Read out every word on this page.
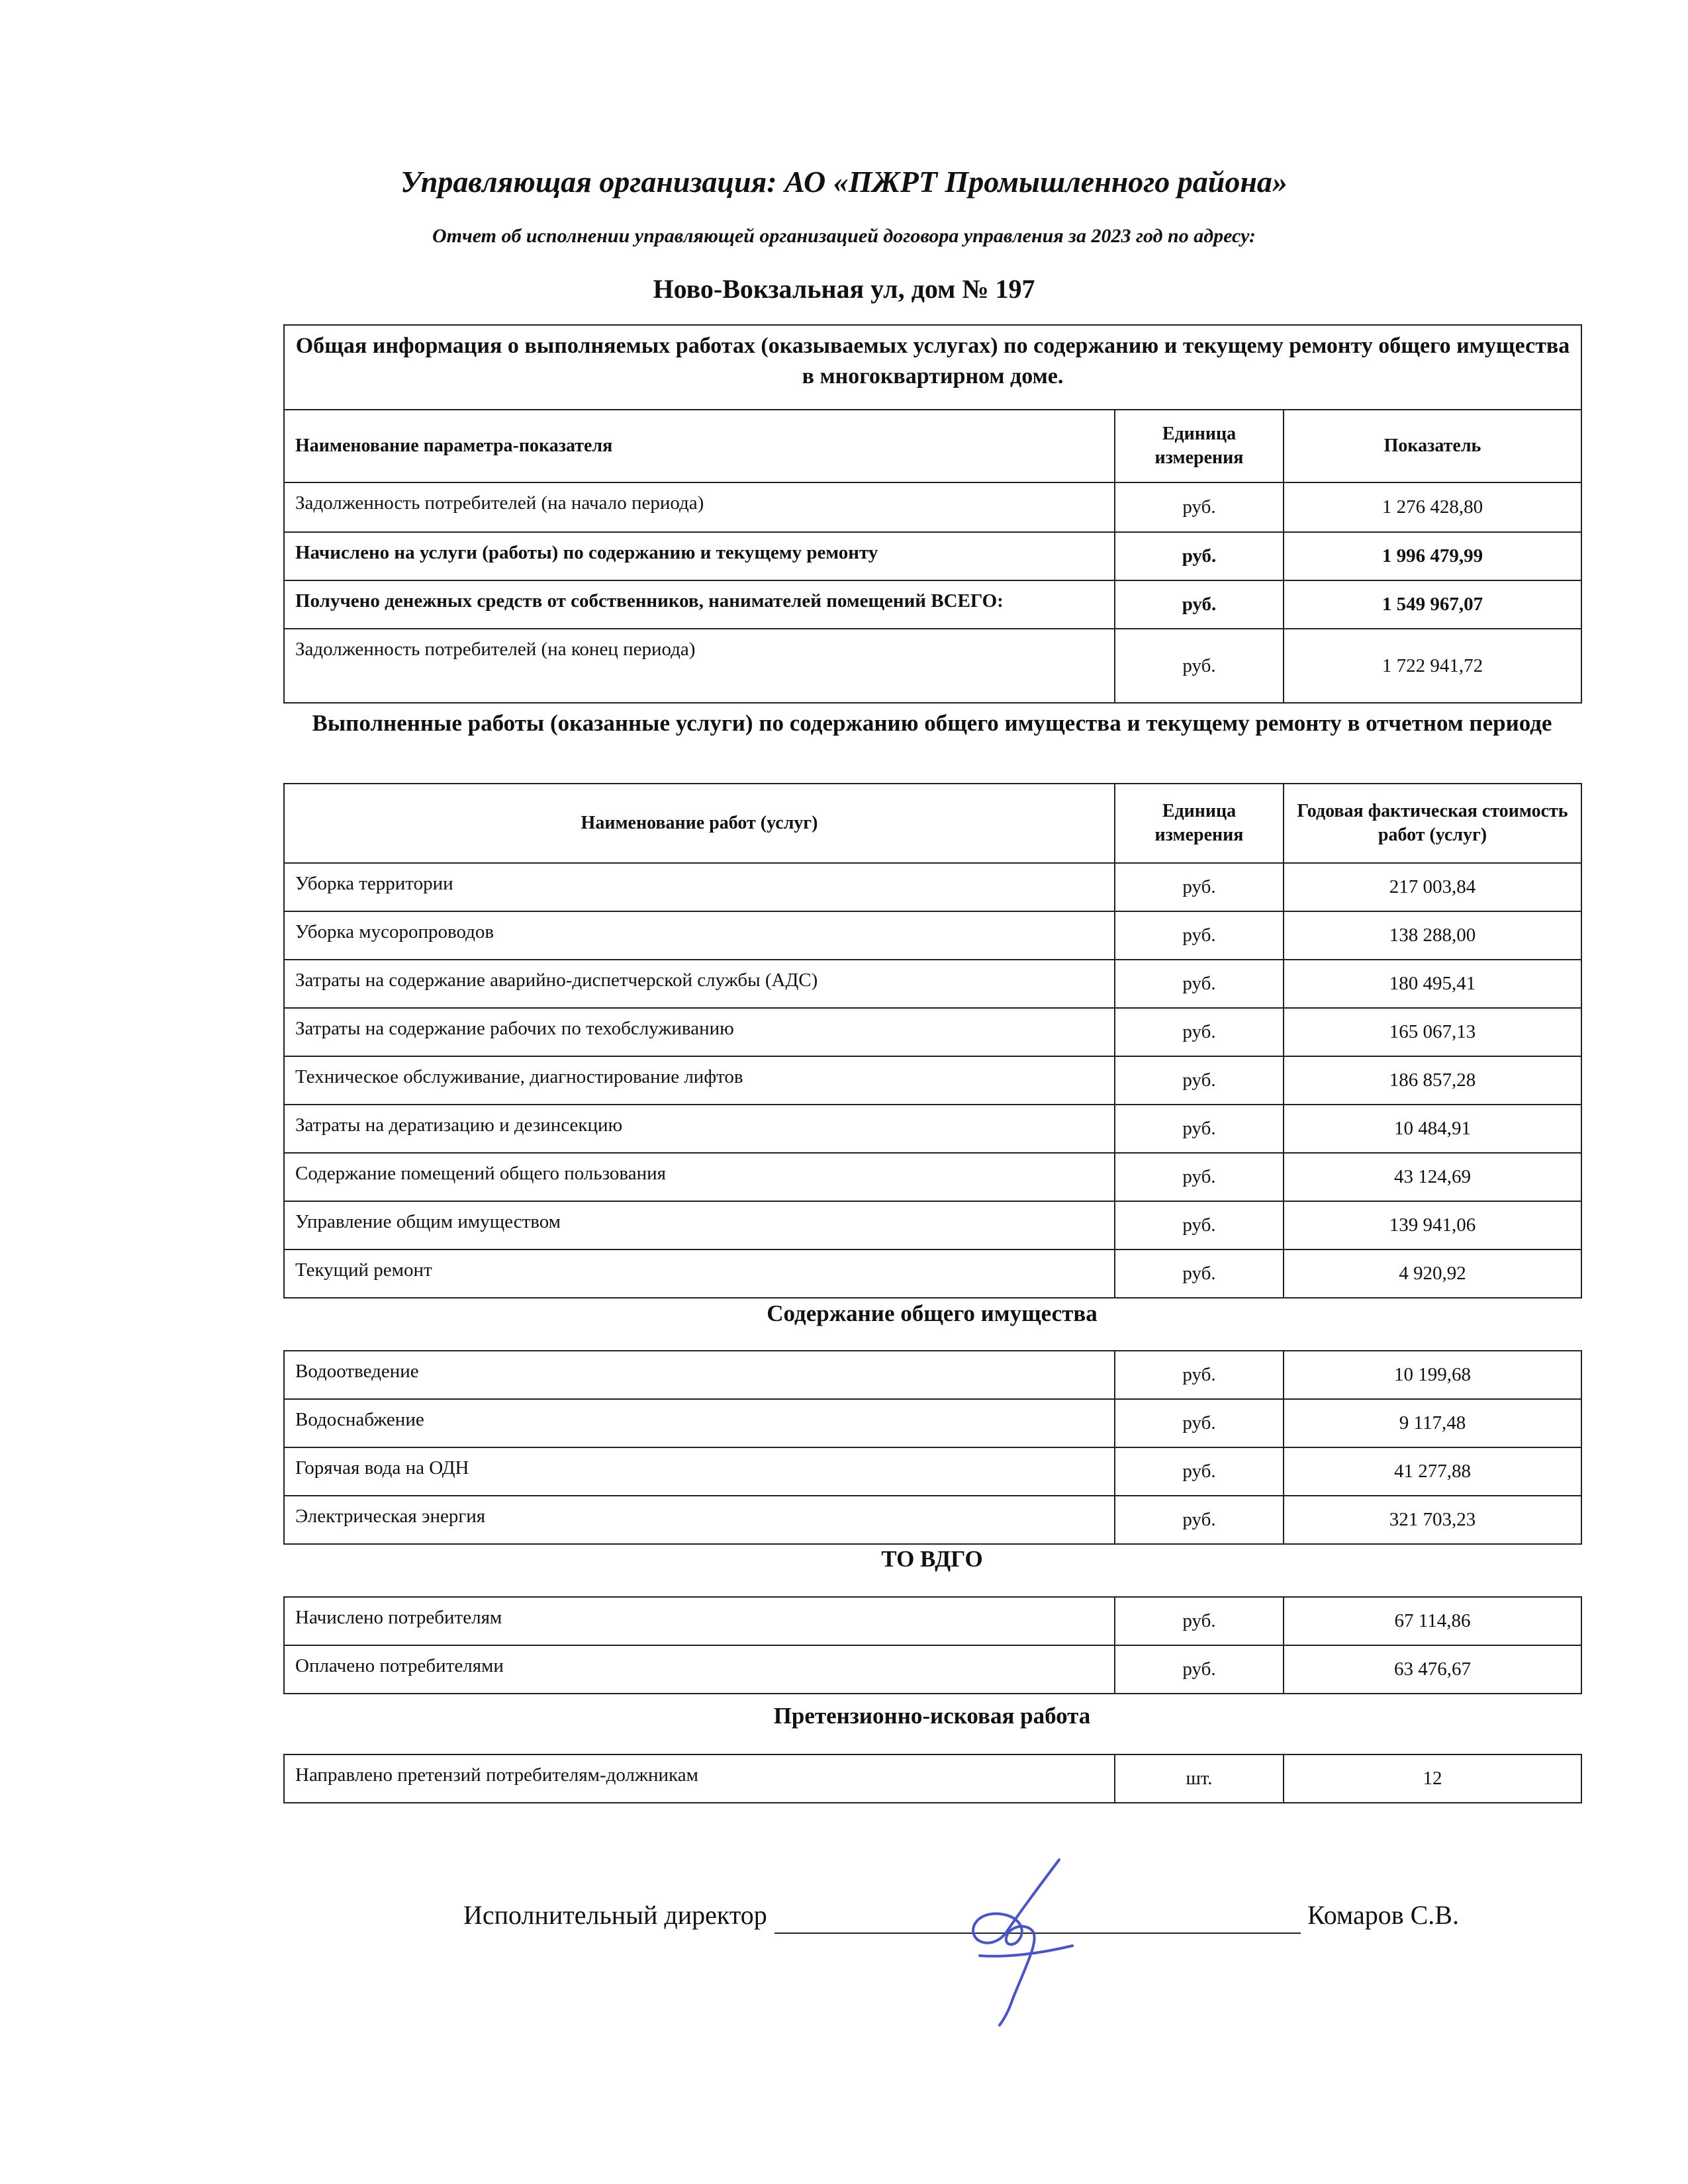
Управляющая организация: АО «ПЖРТ Промышленного района»
Отчет об исполнении управляющей организацией договора управления за 2023 год по адресу:
Ново-Вокзальная ул, дом № 197
Общая информация о выполняемых работах (оказываемых услугах) по содержанию и текущему ремонту общего имущества в многоквартирном доме.		
Наименование параметра-показателя	Единица измерения	Показатель
Задолженность потребителей (на начало периода)	руб.	1 276 428,80
Начислено на услуги (работы) по содержанию и текущему ремонту	руб.	1 996 479,99
Получено денежных средств от собственников, нанимателей помещений ВСЕГО:	руб.	1 549 967,07
Задолженность потребителей (на конец периода)	руб.	1 722 941,72
Выполненные работы (оказанные услуги) по содержанию общего имущества и текущему ремонту в отчетном периоде
Наименование работ (услуг)	Единица измерения	Годовая фактическая стоимость работ (услуг)
Уборка территории	руб.	217 003,84
Уборка мусоропроводов	руб.	138 288,00
Затраты на содержание аварийно-диспетчерской службы (АДС)	руб.	180 495,41
Затраты на содержание рабочих по техобслуживанию	руб.	165 067,13
Техническое обслуживание, диагностирование лифтов	руб.	186 857,28
Затраты на дератизацию и дезинсекцию	руб.	10 484,91
Содержание помещений общего пользования	руб.	43 124,69
Управление общим имуществом	руб.	139 941,06
Текущий ремонт	руб.	4 920,92
Содержание общего имущества
Водоотведение	руб.	10 199,68
Водоснабжение	руб.	9 117,48
Горячая вода на ОДН	руб.	41 277,88
Электрическая энергия	руб.	321 703,23
ТО ВДГО
Начислено потребителям	руб.	67 114,86
Оплачено потребителями	руб.	63 476,67
Претензионно-исковая работа
Направлено претензий потребителям-должникам	шт.	12
Исполнительный директор	Комаров С.В.
